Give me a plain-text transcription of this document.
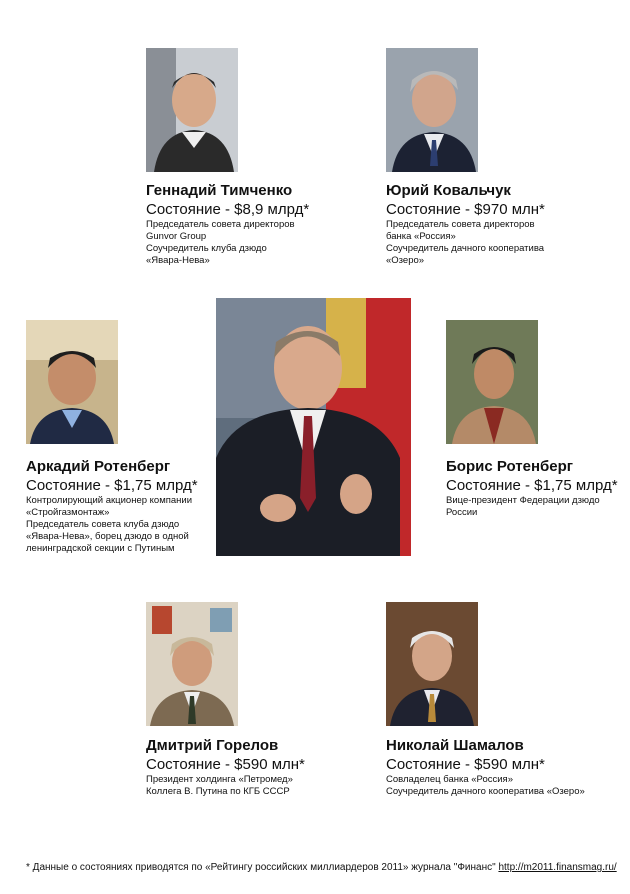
Геннадий Тимченко
Состояние - $8,9 млрд*
Председатель совета директоров
Gunvor Group
Соучредитель клуба дзюдо
«Явара-Нева»
Юрий Ковальчук
Состояние - $970 млн*
Председатель совета директоров
банка «Россия»
Соучредитель дачного кооператива
«Озеро»
Аркадий Ротенберг
Состояние - $1,75 млрд*
Контролирующий акционер компании
«Стройгазмонтаж»
Председатель совета клуба дзюдо
«Явара-Нева», борец дзюдо в одной
ленинградской секции с Путиным
Борис Ротенберг
Состояние - $1,75 млрд*
Вице-президент Федерации дзюдо
России
Дмитрий Горелов
Состояние - $590 млн*
Президент холдинга «Петромед»
Коллега В. Путина по КГБ СССР
Николай Шамалов
Состояние - $590 млн*
Совладелец банка «Россия»
Соучредитель дачного кооператива «Озеро»
* Данные о состояниях приводятся по «Рейтингу российских миллиардеров 2011» журнала "Финанс" http://m2011.finansmag.ru/
